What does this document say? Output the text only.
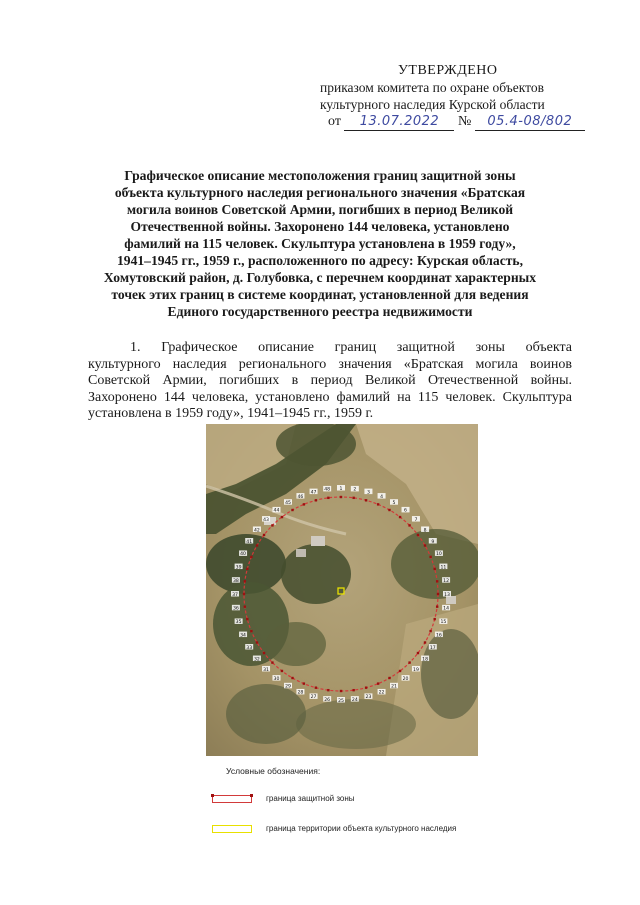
УТВЕРЖДЕНО
приказом комитета по охране объектов
культурного наследия Курской области
от 13.07.2022 № 05.4-08/802
Графическое описание местоположения границ защитной зоны
объекта культурного наследия регионального значения «Братская
могила воинов Советской Армии, погибших в период Великой
Отечественной войны. Захоронено 144 человека, установлено
фамилий на 115 человек. Скульптура установлена в 1959 году»,
1941–1945 гг., 1959 г., расположенного по адресу: Курская область,
Хомутовский район, д. Голубовка, с перечнем координат характерных
точек этих границ в системе координат, установленной для ведения
Единого государственного реестра недвижимости
1. Графическое описание границ защитной зоны объекта
культурного наследия регионального значения «Братская могила воинов Советской Армии, погибших в период Великой Отечественной войны. Захоронено 144 человека, установлено фамилий на 115 человек. Скульптура установлена в 1959 году», 1941–1945 гг., 1959 г.
1 2
3
4
5
6
7
8
9
10
11
12
13
14
15
16
17
18
19
20
21
22
23
24
25
26
27
28
29
30
31
32
33
34
35
36
37
38
39
40
41
42
43
44
45
46
47
48
Условные обозначения:
граница защитной зоны
граница территории объекта культурного наследия
